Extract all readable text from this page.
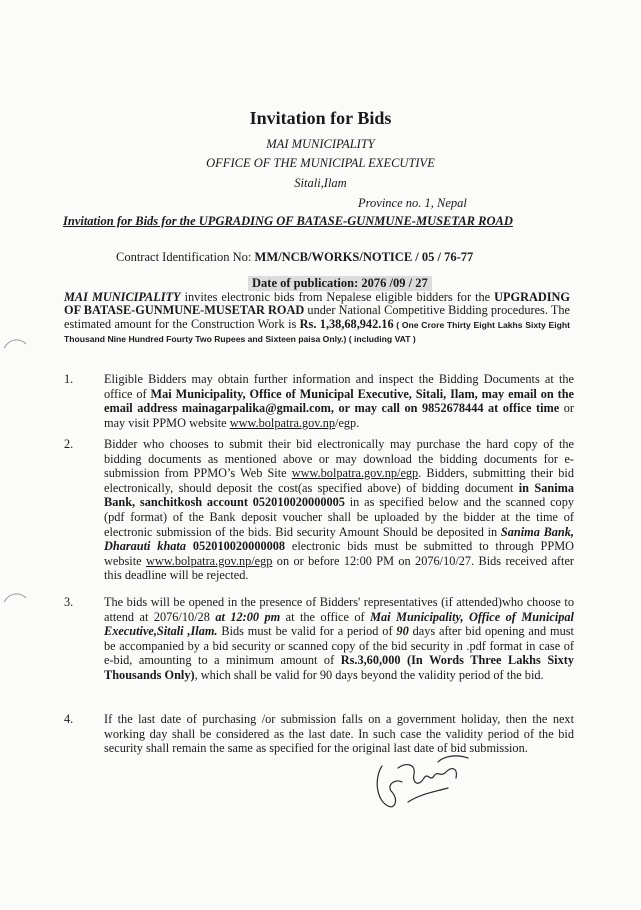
Invitation for Bids
MAI MUNICIPALITY
OFFICE OF THE MUNICIPAL EXECUTIVE
Sitali,Ilam
Province no. 1, Nepal
Invitation for Bids for the UPGRADING OF BATASE-GUNMUNE-MUSETAR ROAD
Contract Identification No: MM/NCB/WORKS/NOTICE / 05 / 76-77
Date of publication: 2076 /09 / 27
MAI MUNICIPALITY invites electronic bids from Nepalese eligible bidders for the UPGRADING OF BATASE-GUNMUNE-MUSETAR ROAD under National Competitive Bidding procedures. The estimated amount for the Construction Work is Rs. 1,38,68,942.16 ( One Crore Thirty Eight Lakhs Sixty Eight Thousand Nine Hundred Fourty Two Rupees and Sixteen paisa Only.) ( including VAT )
1.	Eligible Bidders may obtain further information and inspect the Bidding Documents at the office of Mai Municipality, Office of Municipal Executive, Sitali, Ilam, may email on the email address mainagarpalika@gmail.com, or may call on 9852678444 at office time or may visit PPMO website www.bolpatra.gov.np/egp.
2.	Bidder who chooses to submit their bid electronically may purchase the hard copy of the bidding documents as mentioned above or may download the bidding documents for e-submission from PPMO’s Web Site www.bolpatra.gov.np/egp. Bidders, submitting their bid electronically, should deposit the cost(as specified above) of bidding document in Sanima Bank, sanchitkosh account 052010020000005 in as specified below and the scanned copy (pdf format) of the Bank deposit voucher shall be uploaded by the bidder at the time of electronic submission of the bids. Bid security Amount Should be deposited in Sanima Bank, Dharauti khata 052010020000008 electronic bids must be submitted to through PPMO website www.bolpatra.gov.np/egp on or before 12:00 PM on 2076/10/27. Bids received after this deadline will be rejected.
3.	The bids will be opened in the presence of Bidders' representatives (if attended)who choose to attend at 2076/10/28 at 12:00 pm at the office of Mai Municipality, Office of Municipal Executive,Sitali ,Ilam. Bids must be valid for a period of 90 days after bid opening and must be accompanied by a bid security or scanned copy of the bid security in .pdf format in case of e-bid, amounting to a minimum amount of Rs.3,60,000 (In Words Three Lakhs Sixty Thousands Only), which shall be valid for 90 days beyond the validity period of the bid.
4.	If the last date of purchasing /or submission falls on a government holiday, then the next working day shall be considered as the last date. In such case the validity period of the bid security shall remain the same as specified for the original last date of bid submission.
